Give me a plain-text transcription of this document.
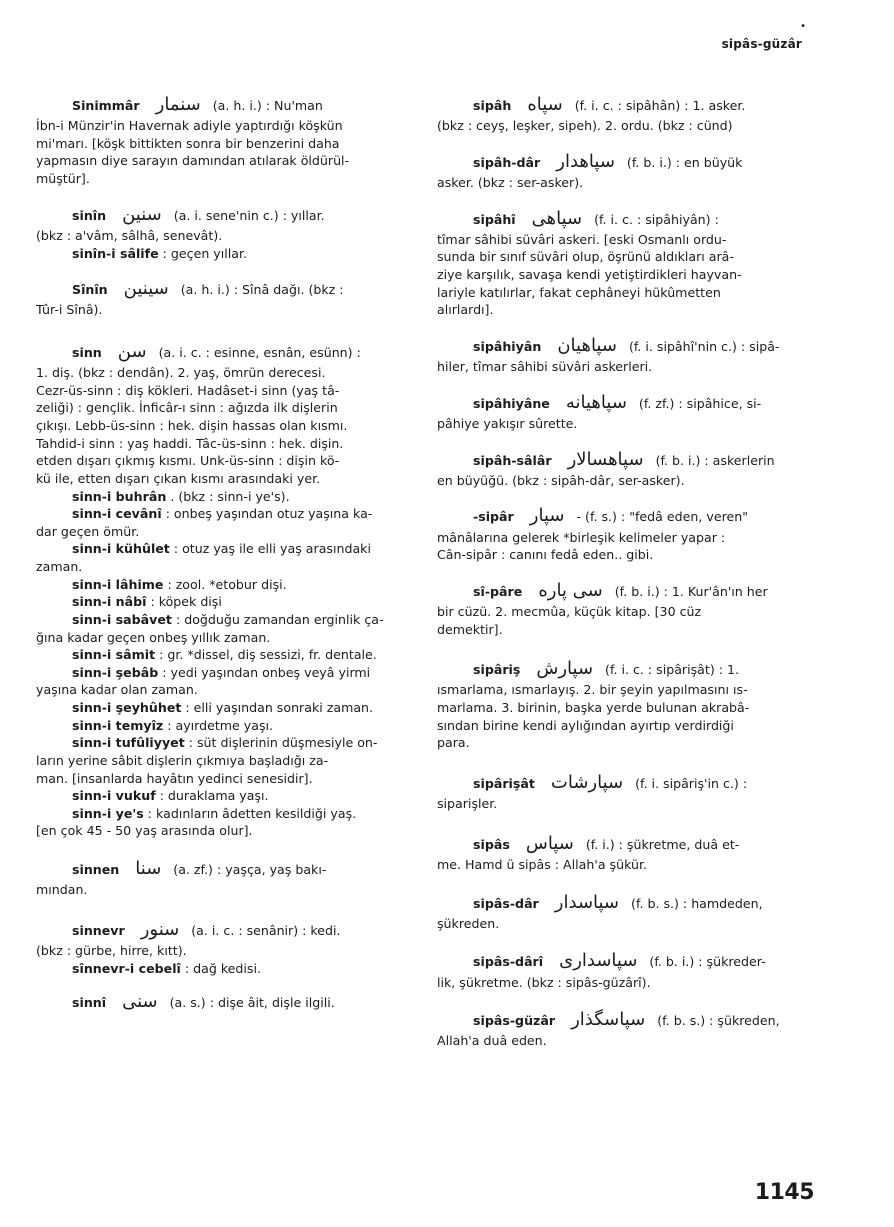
•
sipâs-güzâr
Sinimmâr سنمار (a. h. i.) : Nu'man
İbn-i Münzir'in Havernak adiyle yaptırdığı köşkün
mi'marı. [köşk bittikten sonra bir benzerini daha
yapmasın diye sarayın damından atılarak öldürül-
müştür].
sinîn سنين (a. i. sene'nin c.) : yıllar.
(bkz : a'vâm, sâlhâ, senevât).
sinîn-i sâlife : geçen yıllar.
Sînîn سينين (a. h. i.) : Sînâ dağı. (bkz :
Tûr-i Sînâ).
sinn سن (a. i. c. : esinne, esnân, esünn) :
1. diş. (bkz : dendân). 2. yaş, ömrün derecesi.
Cezr-üs-sinn : diş kökleri. Hadâset-i sinn (yaş tâ-
zeliği) : gençlik. İnficâr-ı sinn : ağızda ilk dişlerin
çıkışı. Lebb-üs-sinn : hek. dişin hassas olan kısmı.
Tahdid-i sinn : yaş haddi. Tâc-üs-sinn : hek. dişin.
etden dışarı çıkmış kısmı. Unk-üs-sinn : dişin kö-
kü ile, etten dışarı çıkan kısmı arasındaki yer.
sinn-i buhrân . (bkz : sinn-i ye's).
sinn-i cevânî : onbeş yaşından otuz yaşına ka-
dar geçen ömür.
sinn-i kühûlet : otuz yaş ile elli yaş arasındaki
zaman.
sinn-i lâhime : zool. *etobur dişi.
sinn-i nâbî : köpek dişi
sinn-i sabâvet : doğduğu zamandan erginlik ça-
ğına kadar geçen onbeş yıllık zaman.
sinn-i sâmit : gr. *dissel, diş sessizi, fr. dentale.
sinn-i şebâb : yedi yaşından onbeş veyâ yirmi
yaşına kadar olan zaman.
sinn-i şeyhûhet : elli yaşından sonraki zaman.
sinn-i temyîz : ayırdetme yaşı.
sinn-i tufûliyyet : süt dişlerinin düşmesiyle on-
ların yerine sâbit dişlerin çıkmıya başladığı za-
man. [insanlarda hayâtın yedinci senesidir].
sinn-i vukuf : duraklama yaşı.
sinn-i ye's : kadınların âdetten kesildiği yaş.
[en çok 45 - 50 yaş arasında olur].
sinnen سنا (a. zf.) : yaşça, yaş bakı-
mından.
sinnevr سنور (a. i. c. : senânir) : kedi.
(bkz : gürbe, hirre, kıtt).
sînnevr-i cebelî : dağ kedisi.
sinnî سنى (a. s.) : dişe âit, dişle ilgili.
sipâh سپاه (f. i. c. : sipâhân) : 1. asker.
(bkz : ceyş, leşker, sipeh). 2. ordu. (bkz : cünd)
sipâh-dâr سپاهدار (f. b. i.) : en büyük
asker. (bkz : ser-asker).
sipâhî سپاهى (f. i. c. : sipâhiyân) :
tîmar sâhibi süvâri askeri. [eski Osmanlı ordu-
sunda bir sınıf süvâri olup, öşrünü aldıkları arâ-
ziye karşılık, savaşa kendi yetiştirdikleri hayvan-
lariyle katılırlar, fakat cephâneyi hükûmetten
alırlardı].
sipâhiyân سپاهيان (f. i. sipâhî'nin c.) : sipâ-
hiler, tîmar sâhibi süvâri askerleri.
sipâhiyâne سپاهيانه (f. zf.) : sipâhice, si-
pâhiye yakışır sûrette.
sipâh-sâlâr سپاهسالار (f. b. i.) : askerlerin
en büyüğü. (bkz : sipâh-dâr, ser-asker).
-sipâr سپار - (f. s.) : "fedâ eden, veren"
mânâlarına gelerek *birleşik kelimeler yapar :
Cân-sipâr : canını fedâ eden.. gibi.
sî-pâre سى پاره (f. b. i.) : 1. Kur'ân'ın her
bir cüzü. 2. mecmûa, küçük kitap. [30 cüz
demektir].
sipâriş سپارش (f. i. c. : sipârişât) : 1.
ısmarlama, ısmarlayış. 2. bir şeyin yapılmasını ıs-
marlama. 3. birinin, başka yerde bulunan akrabâ-
sından birine kendi aylığından ayırtıp verdirdiği
para.
sipârişât سپارشات (f. i. sipâriş'in c.) :
siparişler.
sipâs سپاس (f. i.) : şükretme, duâ et-
me. Hamd ü sipâs : Allah'a şükür.
sipâs-dâr سپاسدار (f. b. s.) : hamdeden,
şükreden.
sipâs-dârî سپاسدارى (f. b. i.) : şükreder-
lik, şükretme. (bkz : sipâs-güzârî).
sipâs-güzâr سپاسگذار (f. b. s.) : şükreden,
Allah'a duâ eden.
1145
